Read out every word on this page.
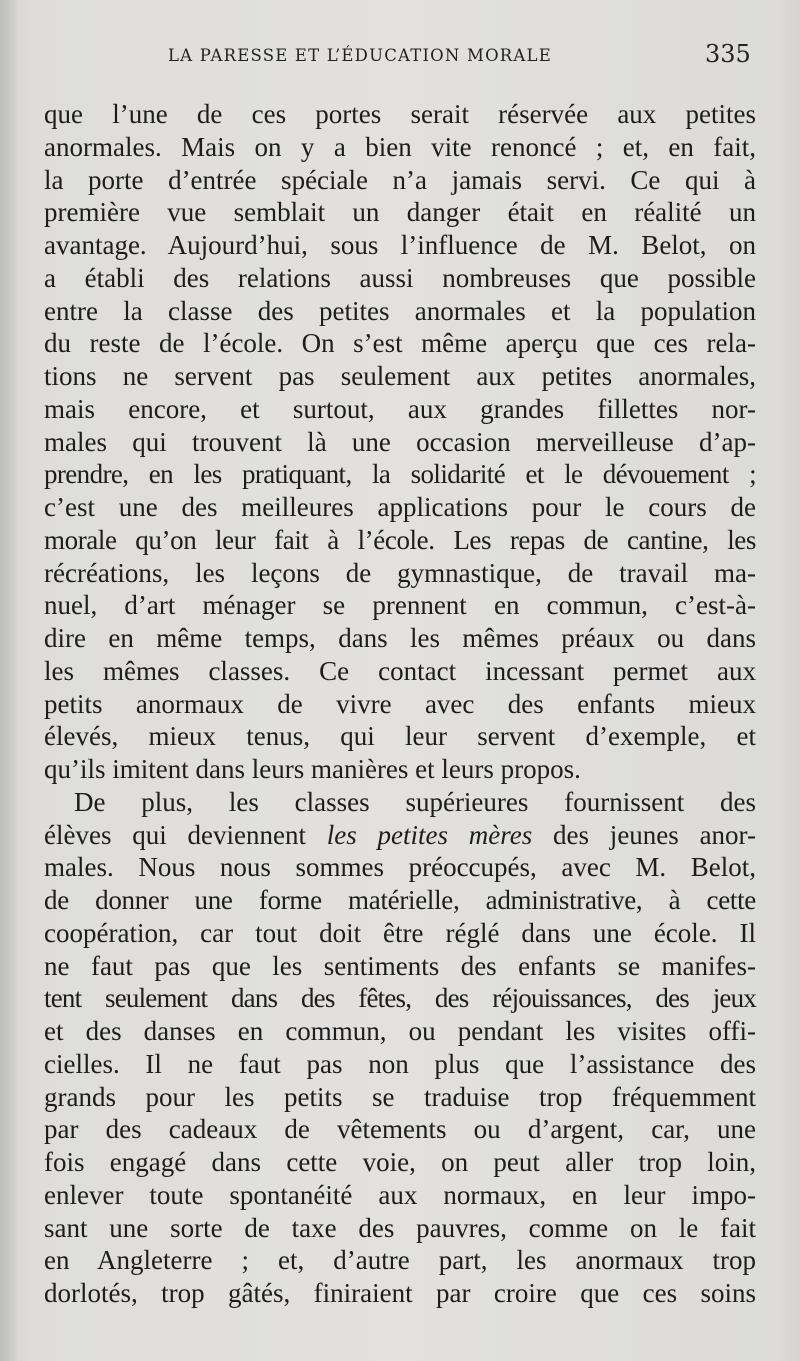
LA PARESSE ET L’ÉDUCATION MORALE	335
que l’une de ces portes serait réservée aux petites
anormales. Mais on y a bien vite renoncé ; et, en fait,
la porte d’entrée spéciale n’a jamais servi. Ce qui à
première vue semblait un danger était en réalité un
avantage. Aujourd’hui, sous l’influence de M. Belot, on
a établi des relations aussi nombreuses que possible
entre la classe des petites anormales et la population
du reste de l’école. On s’est même aperçu que ces rela-
tions ne servent pas seulement aux petites anormales,
mais encore, et surtout, aux grandes fillettes nor-
males qui trouvent là une occasion merveilleuse d’ap-
prendre, en les pratiquant, la solidarité et le dévouement ;
c’est une des meilleures applications pour le cours de
morale qu’on leur fait à l’école. Les repas de cantine, les
récréations, les leçons de gymnastique, de travail ma-
nuel, d’art ménager se prennent en commun, c’est-à-
dire en même temps, dans les mêmes préaux ou dans
les mêmes classes. Ce contact incessant permet aux
petits anormaux de vivre avec des enfants mieux
élevés, mieux tenus, qui leur servent d’exemple, et
qu’ils imitent dans leurs manières et leurs propos.
De plus, les classes supérieures fournissent des
élèves qui deviennent les petites mères des jeunes anor-
males. Nous nous sommes préoccupés, avec M. Belot,
de donner une forme matérielle, administrative, à cette
coopération, car tout doit être réglé dans une école. Il
ne faut pas que les sentiments des enfants se manifes-
tent seulement dans des fêtes, des réjouissances, des jeux
et des danses en commun, ou pendant les visites offi-
cielles. Il ne faut pas non plus que l’assistance des
grands pour les petits se traduise trop fréquemment
par des cadeaux de vêtements ou d’argent, car, une
fois engagé dans cette voie, on peut aller trop loin,
enlever toute spontanéité aux normaux, en leur impo-
sant une sorte de taxe des pauvres, comme on le fait
en Angleterre ; et, d’autre part, les anormaux trop
dorlotés, trop gâtés, finiraient par croire que ces soins
